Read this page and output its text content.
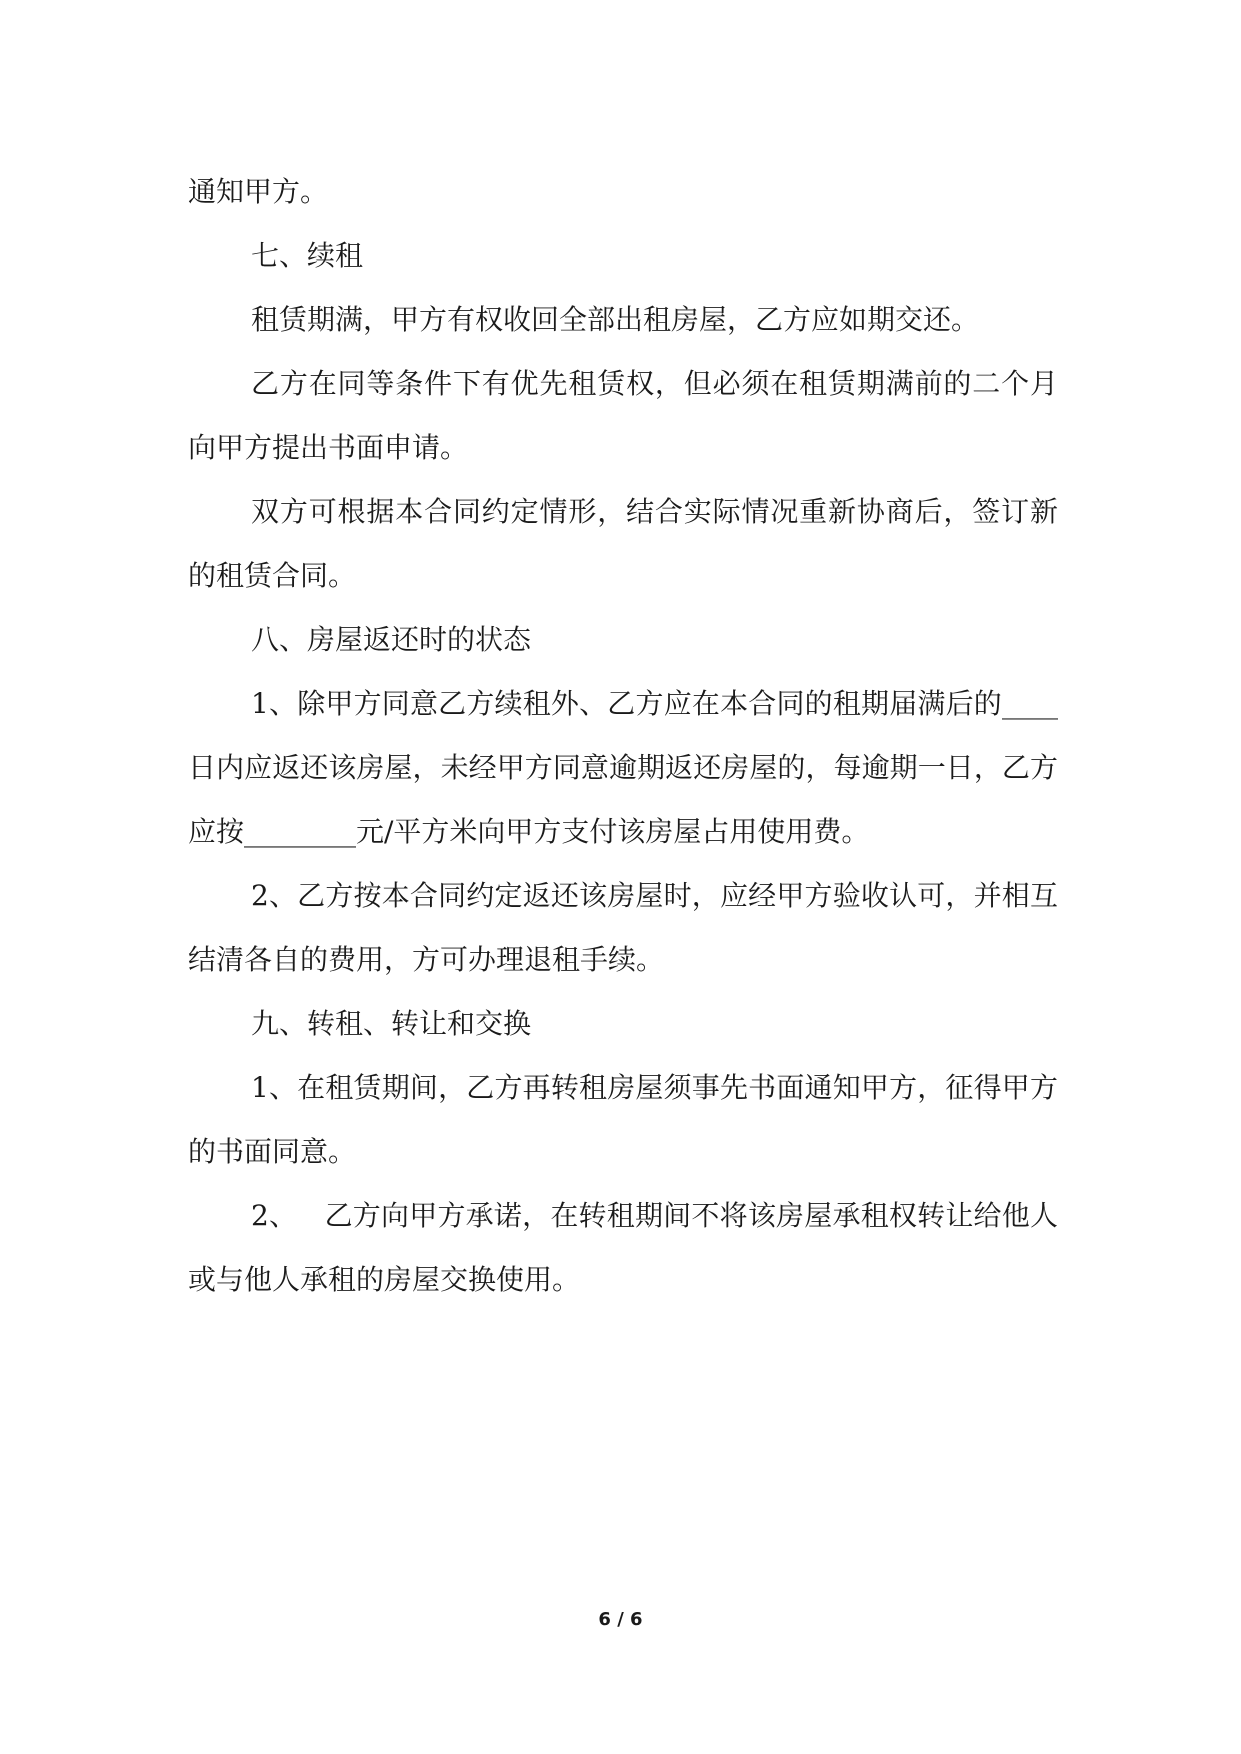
通知甲方。

七、续租

租赁期满，甲方有权收回全部出租房屋，乙方应如期交还。

乙方在同等条件下有优先租赁权，但必须在租赁期满前的二个月向甲方提出书面申请。

双方可根据本合同约定情形，结合实际情况重新协商后，签订新的租赁合同。

八、房屋返还时的状态

1、除甲方同意乙方续租外、乙方应在本合同的租期届满后的____日内应返还该房屋，未经甲方同意逾期返还房屋的，每逾期一日，乙方应按________元/平方米向甲方支付该房屋占用使用费。

2、乙方按本合同约定返还该房屋时，应经甲方验收认可，并相互结清各自的费用，方可办理退租手续。

九、转租、转让和交换

1、在租赁期间，乙方再转租房屋须事先书面通知甲方，征得甲方的书面同意。

2、   乙方向甲方承诺，在转租期间不将该房屋承租权转让给他人或与他人承租的房屋交换使用。

6 / 6
